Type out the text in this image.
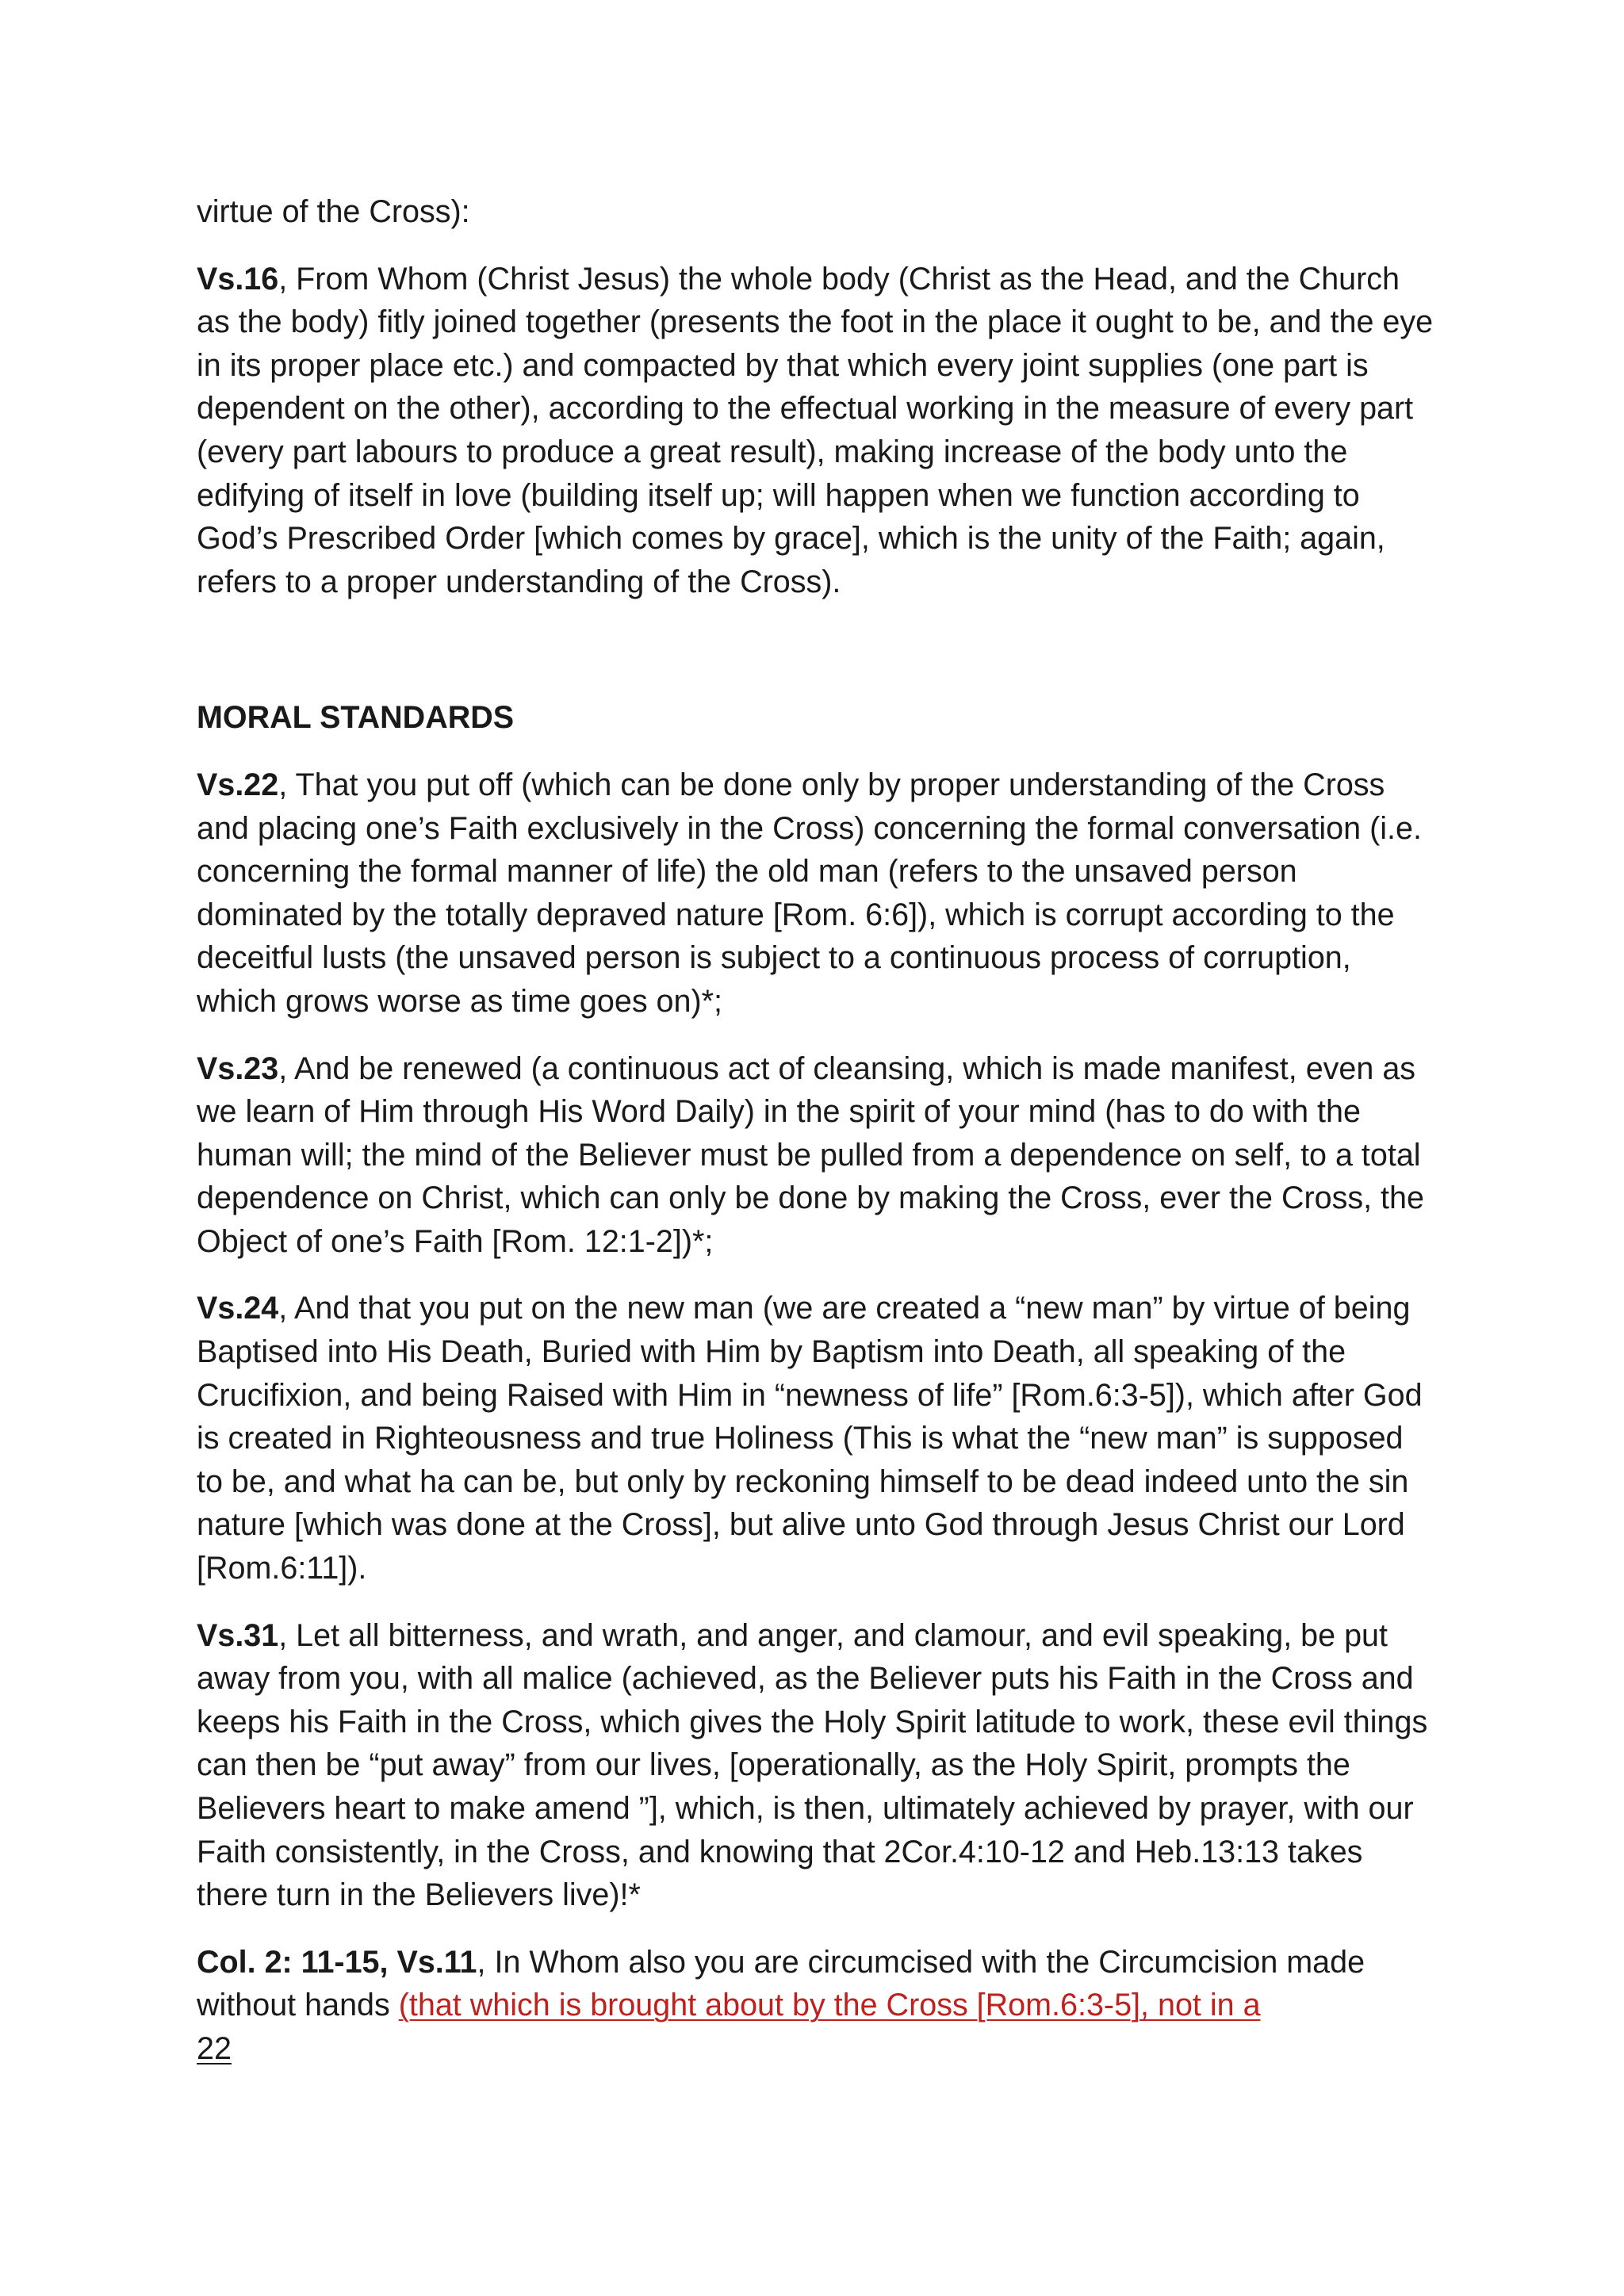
virtue of the Cross):

Vs.16, From Whom (Christ Jesus) the whole body (Christ as the Head, and the Church as the body) fitly joined together (presents the foot in the place it ought to be, and the eye in its proper place etc.) and compacted by that which every joint supplies (one part is dependent on the other), according to the effectual working in the measure of every part (every part labours to produce a great result), making increase of the body unto the edifying of itself in love (building itself up; will happen when we function according to God’s Prescribed Order [which comes by grace], which is the unity of the Faith; again, refers to a proper understanding of the Cross).

MORAL STANDARDS

Vs.22, That you put off (which can be done only by proper understanding of the Cross and placing one’s Faith exclusively in the Cross) concerning the formal conversation (i.e. concerning the formal manner of life) the old man (refers to the unsaved person dominated by the totally depraved nature [Rom. 6:6]), which is corrupt according to the deceitful lusts (the unsaved person is subject to a continuous process of corruption, which grows worse as time goes on)*;

Vs.23, And be renewed (a continuous act of cleansing, which is made manifest, even as we learn of Him through His Word Daily) in the spirit of your mind (has to do with the human will; the mind of the Believer must be pulled from a dependence on self, to a total dependence on Christ, which can only be done by making the Cross, ever the Cross, the Object of one’s Faith [Rom. 12:1-2])*;

Vs.24, And that you put on the new man (we are created a “new man” by virtue of being Baptised into His Death, Buried with Him by Baptism into Death, all speaking of the Crucifixion, and being Raised with Him in “newness of life” [Rom.6:3-5]), which after God is created in Righteousness and true Holiness (This is what the “new man” is supposed to be, and what ha can be, but only by reckoning himself to be dead indeed unto the sin nature [which was done at the Cross], but alive unto God through Jesus Christ our Lord [Rom.6:11]).

Vs.31, Let all bitterness, and wrath, and anger, and clamour, and evil speaking, be put away from you, with all malice (achieved, as the Believer puts his Faith in the Cross and keeps his Faith in the Cross, which gives the Holy Spirit latitude to work, these evil things can then be “put away” from our lives, [operationally, as the Holy Spirit, prompts the Believers heart to make amend ”], which, is then, ultimately achieved by prayer, with our Faith consistently, in the Cross, and knowing that 2Cor.4:10-12 and Heb.13:13 takes there turn in the Believers live)!*

Col. 2: 11-15, Vs.11, In Whom also you are circumcised with the Circumcision made without hands (that which is brought about by the Cross [Rom.6:3-5], not in a

22
